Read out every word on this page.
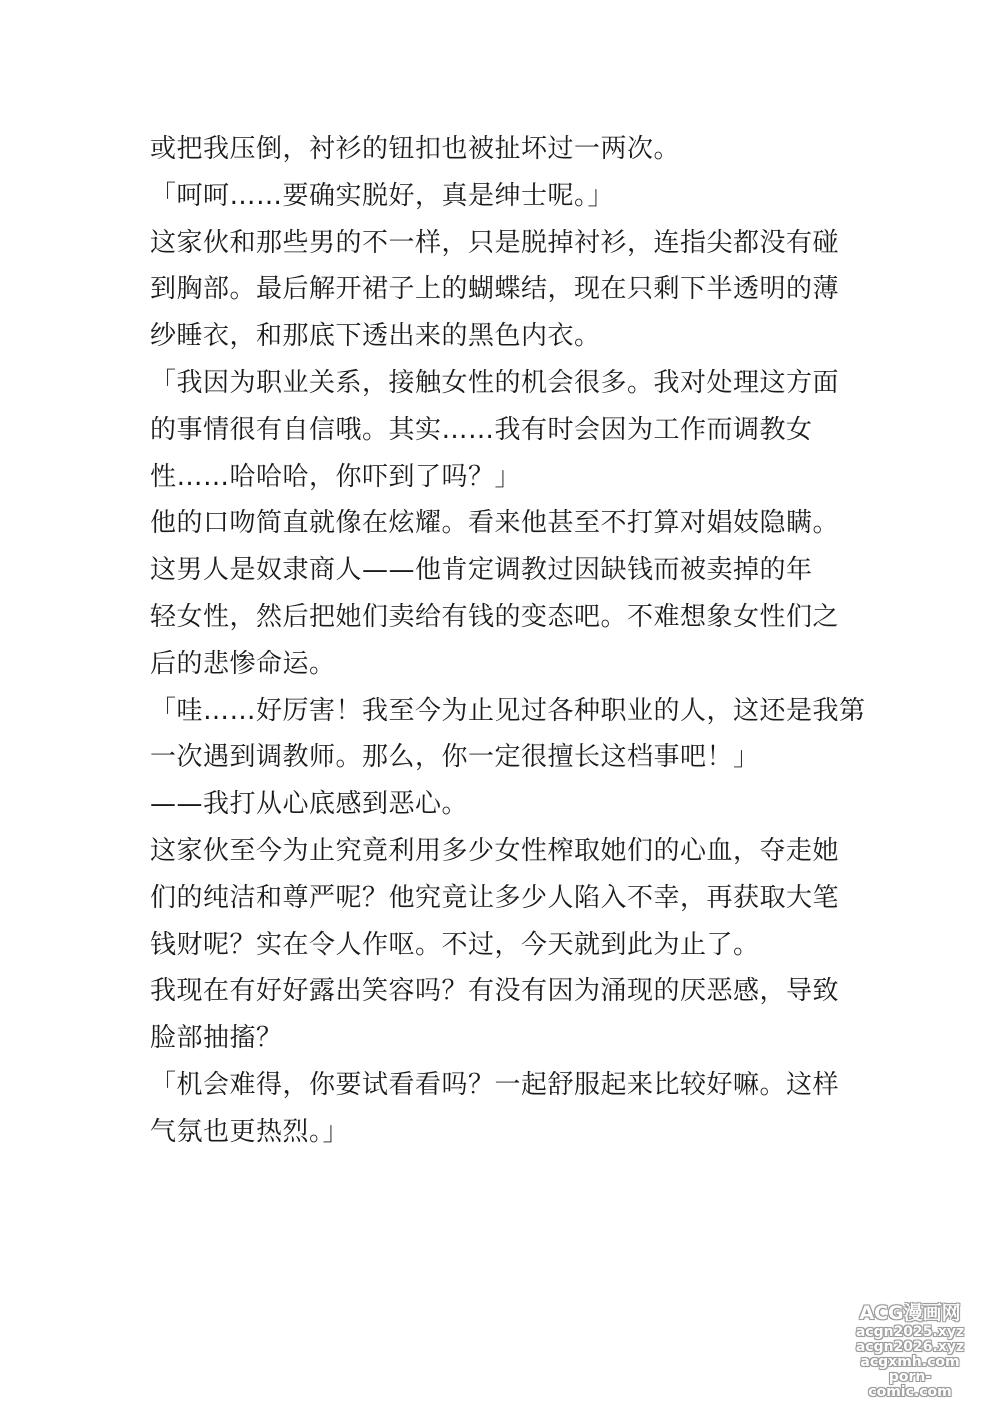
或把我压倒，衬衫的钮扣也被扯坏过一两次。
「呵呵……要确实脱好，真是绅士呢。」
这家伙和那些男的不一样，只是脱掉衬衫，连指尖都没有碰
到胸部。最后解开裙子上的蝴蝶结，现在只剩下半透明的薄
纱睡衣，和那底下透出来的黑色内衣。
「我因为职业关系，接触女性的机会很多。我对处理这方面
的事情很有自信哦。其实……我有时会因为工作而调教女
性……哈哈哈，你吓到了吗？」
他的口吻简直就像在炫耀。看来他甚至不打算对娼妓隐瞒。
这男人是奴隶商人——他肯定调教过因缺钱而被卖掉的年
轻女性，然后把她们卖给有钱的变态吧。不难想象女性们之
后的悲惨命运。
「哇……好厉害！我至今为止见过各种职业的人，这还是我第
一次遇到调教师。那么，你一定很擅长这档事吧！」
——我打从心底感到恶心。
这家伙至今为止究竟利用多少女性榨取她们的心血，夺走她
们的纯洁和尊严呢？他究竟让多少人陷入不幸，再获取大笔
钱财呢？实在令人作呕。不过，今天就到此为止了。
我现在有好好露出笑容吗？有没有因为涌现的厌恶感，导致
脸部抽搐？
「机会难得，你要试看看吗？一起舒服起来比较好嘛。这样
气氛也更热烈。」
ACG漫画网
acgn2025.xyz
acgn2026.xyz
acgxmh.com
porn-comic.com
